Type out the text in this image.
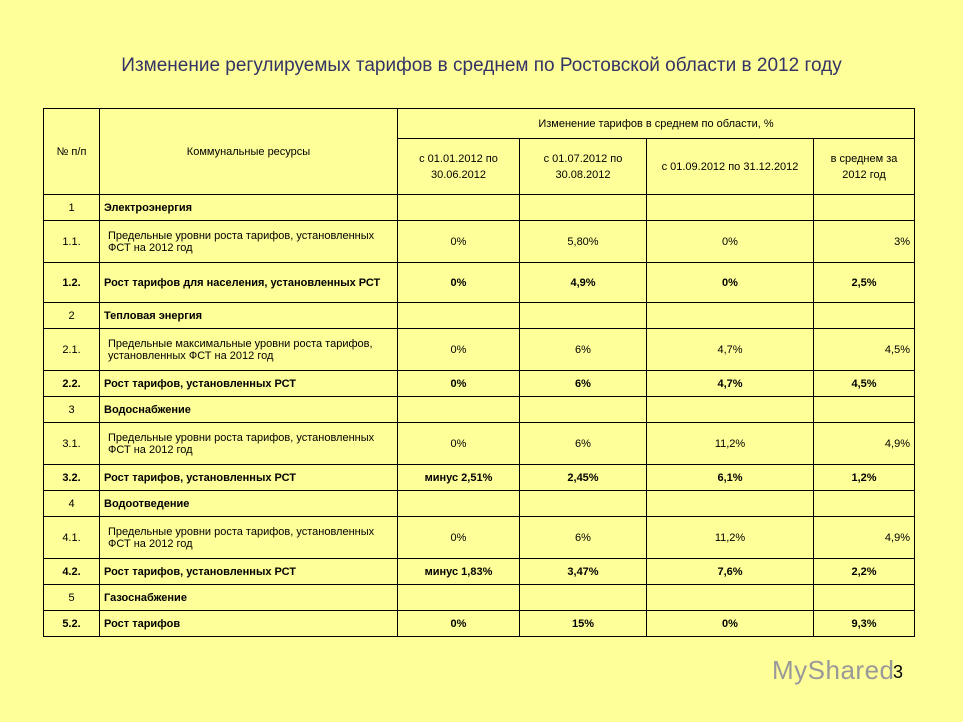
Изменение регулируемых тарифов в среднем по Ростовской области в 2012 году
№ п/п	Коммунальные ресурсы	Изменение тарифов в среднем по области, %			
		с 01.01.2012 по 30.06.2012	с 01.07.2012 по 30.08.2012	с 01.09.2012 по 31.12.2012	в среднем за 2012 год
1	Электроэнергия				
1.1.	Предельные уровни роста тарифов, установленных ФСТ на 2012 год	0%	5,80%	0%	3%
1.2.	Рост тарифов для населения, установленных РСТ	0%	4,9%	0%	2,5%
2	Тепловая энергия				
2.1.	Предельные максимальные уровни роста тарифов, установленных ФСТ на 2012 год	0%	6%	4,7%	4,5%
2.2.	Рост тарифов, установленных РСТ	0%	6%	4,7%	4,5%
3	Водоснабжение				
3.1.	Предельные уровни роста тарифов, установленных ФСТ на 2012 год	0%	6%	11,2%	4,9%
3.2.	Рост тарифов, установленных РСТ	минус 2,51%	2,45%	6,1%	1,2%
4	Водоотведение				
4.1.	Предельные уровни роста тарифов, установленных ФСТ на 2012 год	0%	6%	11,2%	4,9%
4.2.	Рост тарифов, установленных РСТ	минус 1,83%	3,47%	7,6%	2,2%
5	Газоснабжение				
5.2.	Рост тарифов	0%	15%	0%	9,3%
MyShared
3
